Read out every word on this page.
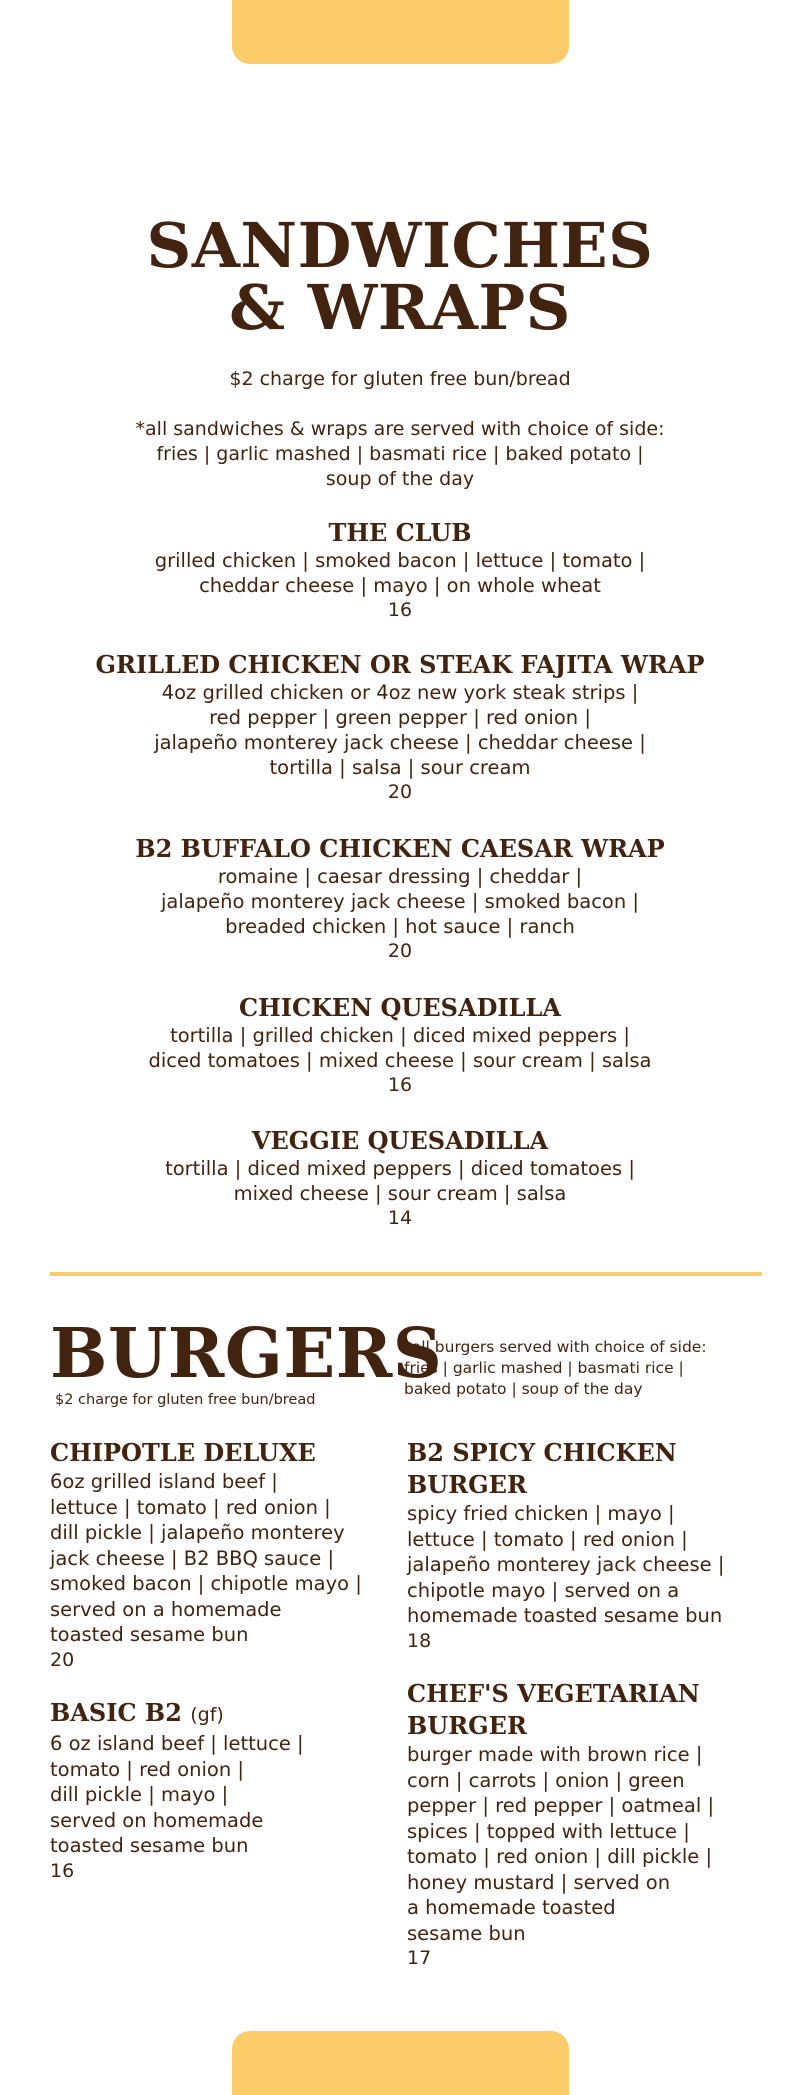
SANDWICHES
& WRAPS
$2 charge for gluten free bun/bread
*all sandwiches & wraps are served with choice of side:
fries | garlic mashed | basmati rice | baked potato |
soup of the day
THE CLUB
grilled chicken | smoked bacon | lettuce | tomato |
cheddar cheese | mayo | on whole wheat
16
GRILLED CHICKEN OR STEAK FAJITA WRAP
4oz grilled chicken or 4oz new york steak strips |
red pepper | green pepper | red onion |
jalapeño monterey jack cheese | cheddar cheese |
tortilla | salsa | sour cream
20
B2 BUFFALO CHICKEN CAESAR WRAP
romaine | caesar dressing | cheddar |
jalapeño monterey jack cheese | smoked bacon |
breaded chicken | hot sauce | ranch
20
CHICKEN QUESADILLA
tortilla | grilled chicken | diced mixed peppers |
diced tomatoes | mixed cheese | sour cream | salsa
16
VEGGIE QUESADILLA
tortilla | diced mixed peppers | diced tomatoes |
mixed cheese | sour cream | salsa
14
BURGERS
$2 charge for gluten free bun/bread
*all burgers served with choice of side:
fries | garlic mashed | basmati rice |
baked potato | soup of the day
CHIPOTLE DELUXE
6oz grilled island beef |
lettuce | tomato | red onion |
dill pickle | jalapeño monterey
jack cheese | B2 BBQ sauce |
smoked bacon | chipotle mayo |
served on a homemade
toasted sesame bun
20
BASIC B2 (gf)
6 oz island beef | lettuce |
tomato | red onion |
dill pickle | mayo |
served on homemade
toasted sesame bun
16
B2 SPICY CHICKEN
BURGER
spicy fried chicken | mayo |
lettuce | tomato | red onion |
jalapeño monterey jack cheese |
chipotle mayo | served on a
homemade toasted sesame bun
18
CHEF'S VEGETARIAN
BURGER
burger made with brown rice |
corn | carrots | onion | green
pepper | red pepper | oatmeal |
spices | topped with lettuce |
tomato | red onion | dill pickle |
honey mustard | served on
a homemade toasted
sesame bun
17
